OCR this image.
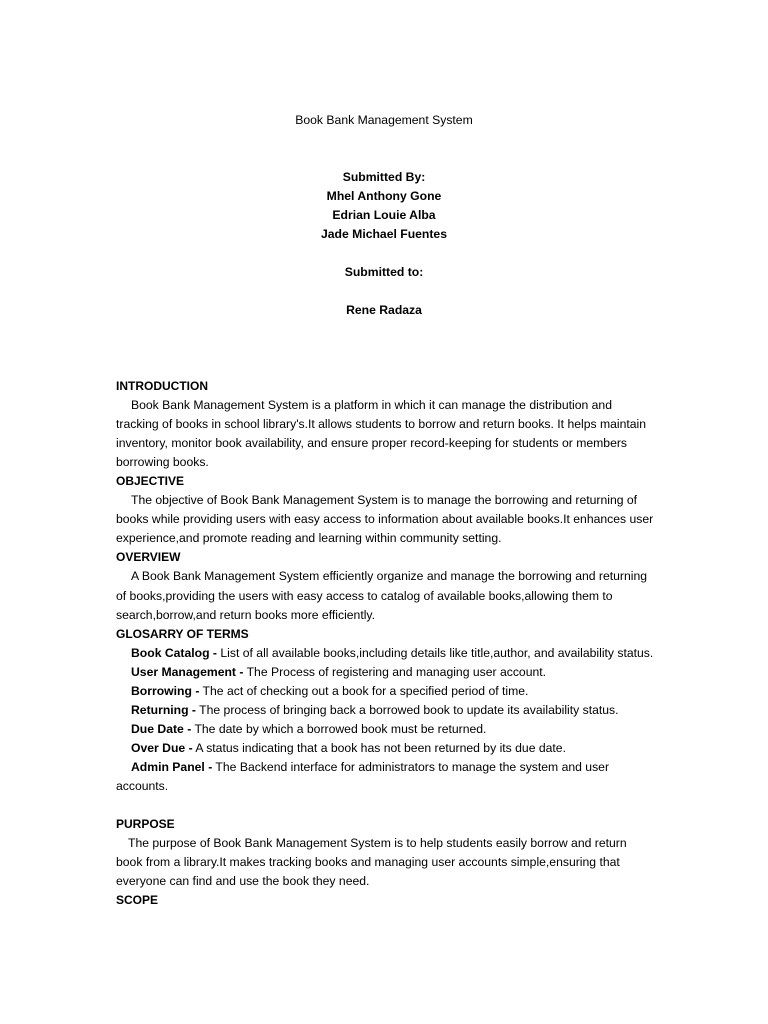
Book Bank Management System
Submitted By:
Mhel Anthony Gone
Edrian Louie Alba
Jade Michael Fuentes
Submitted to:
Rene Radaza
INTRODUCTION

Book Bank Management System is a platform in which it can manage the distribution and tracking of books in school library's.It allows students to borrow and return books. It helps maintain inventory, monitor book availability, and ensure proper record-keeping for students or members borrowing books.

OBJECTIVE

The objective of Book Bank Management System is to manage the borrowing and returning of books while providing users with easy access to information about available books.It enhances user experience,and promote reading and learning within community setting.

OVERVIEW

A Book Bank Management System efficiently organize and manage the borrowing and returning of books,providing the users with easy access to catalog of available books,allowing them to search,borrow,and return books more efficiently.

GLOSARRY OF TERMS

Book Catalog - List of all available books,including details like title,author, and availability status.

User Management - The Process of registering and managing user account.

Borrowing - The act of checking out a book for a specified period of time.

Returning - The process of bringing back a borrowed book to update its availability status.

Due Date - The date by which a borrowed book must be returned.

Over Due - A status indicating that a book has not been returned by its due date.

Admin Panel - The Backend interface for administrators to manage the system and user accounts.

PURPOSE

The purpose of Book Bank Management System is to help students easily borrow and return book from a library.It makes tracking books and managing user accounts simple,ensuring that everyone can find and use the book they need.

SCOPE
